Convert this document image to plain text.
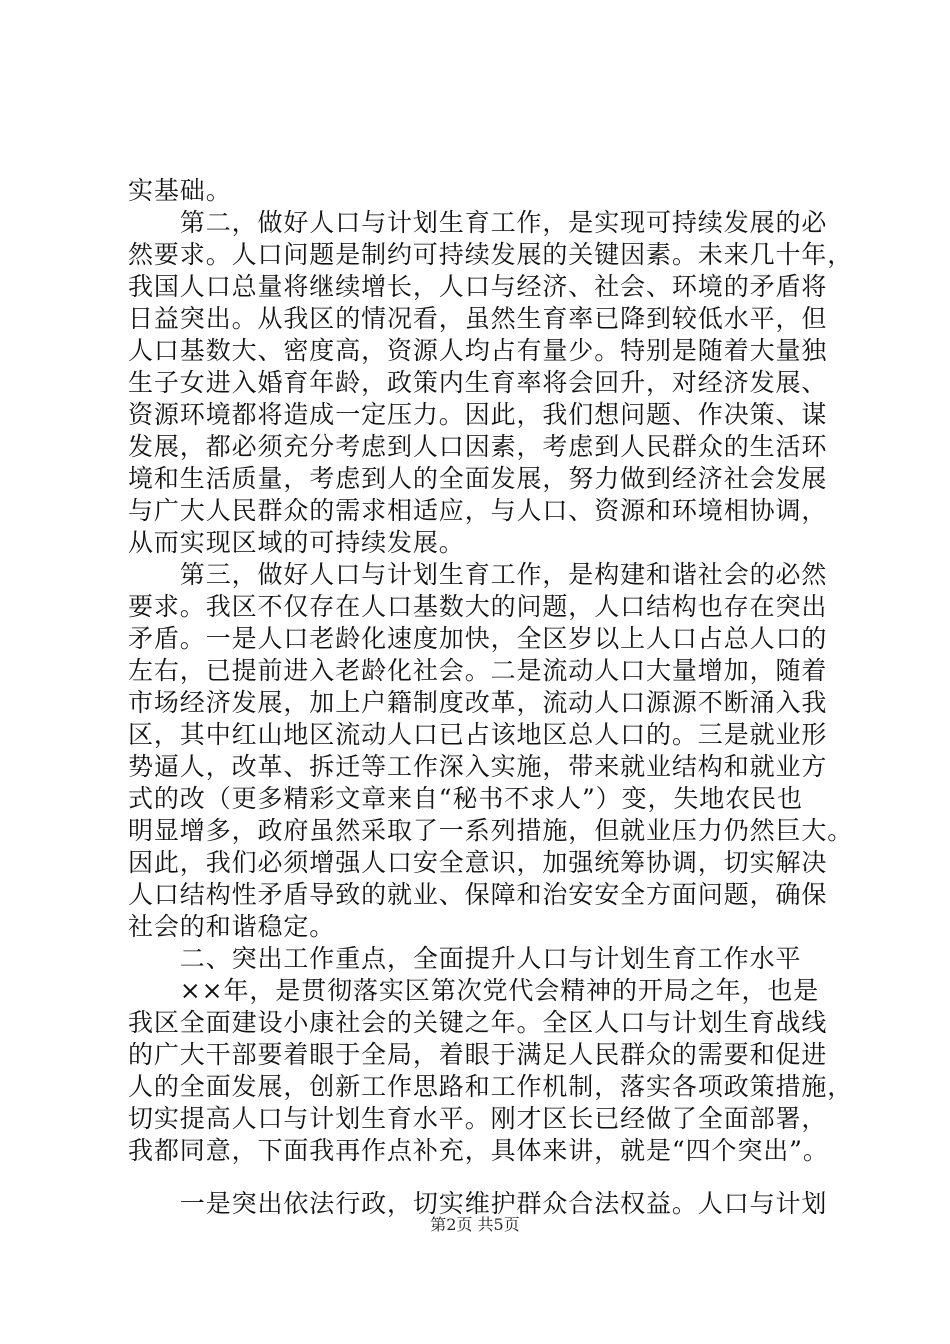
实基础。
　　第二，做好人口与计划生育工作，是实现可持续发展的必
然要求。人口问题是制约可持续发展的关键因素。未来几十年，
我国人口总量将继续增长，人口与经济、社会、环境的矛盾将
日益突出。从我区的情况看，虽然生育率已降到较低水平，但
人口基数大、密度高，资源人均占有量少。特别是随着大量独
生子女进入婚育年龄，政策内生育率将会回升，对经济发展、
资源环境都将造成一定压力。因此，我们想问题、作决策、谋
发展，都必须充分考虑到人口因素，考虑到人民群众的生活环
境和生活质量，考虑到人的全面发展，努力做到经济社会发展
与广大人民群众的需求相适应，与人口、资源和环境相协调，
从而实现区域的可持续发展。
　　第三，做好人口与计划生育工作，是构建和谐社会的必然
要求。我区不仅存在人口基数大的问题，人口结构也存在突出
矛盾。一是人口老龄化速度加快，全区岁以上人口占总人口的
左右，已提前进入老龄化社会。二是流动人口大量增加，随着
市场经济发展，加上户籍制度改革，流动人口源源不断涌入我
区，其中红山地区流动人口已占该地区总人口的。三是就业形
势逼人，改革、拆迁等工作深入实施，带来就业结构和就业方
式的改（更多精彩文章来自“秘书不求人”）变，失地农民也
明显增多，政府虽然采取了一系列措施，但就业压力仍然巨大。
因此，我们必须增强人口安全意识，加强统筹协调，切实解决
人口结构性矛盾导致的就业、保障和治安安全方面问题，确保
社会的和谐稳定。
　　二、突出工作重点，全面提升人口与计划生育工作水平
　　××年，是贯彻落实区第次党代会精神的开局之年，也是
我区全面建设小康社会的关键之年。全区人口与计划生育战线
的广大干部要着眼于全局，着眼于满足人民群众的需要和促进
人的全面发展，创新工作思路和工作机制，落实各项政策措施，
切实提高人口与计划生育水平。刚才区长已经做了全面部署，
我都同意，下面我再作点补充，具体来讲，就是“四个突出”。
　　一是突出依法行政，切实维护群众合法权益。人口与计划
第2页 共5页
